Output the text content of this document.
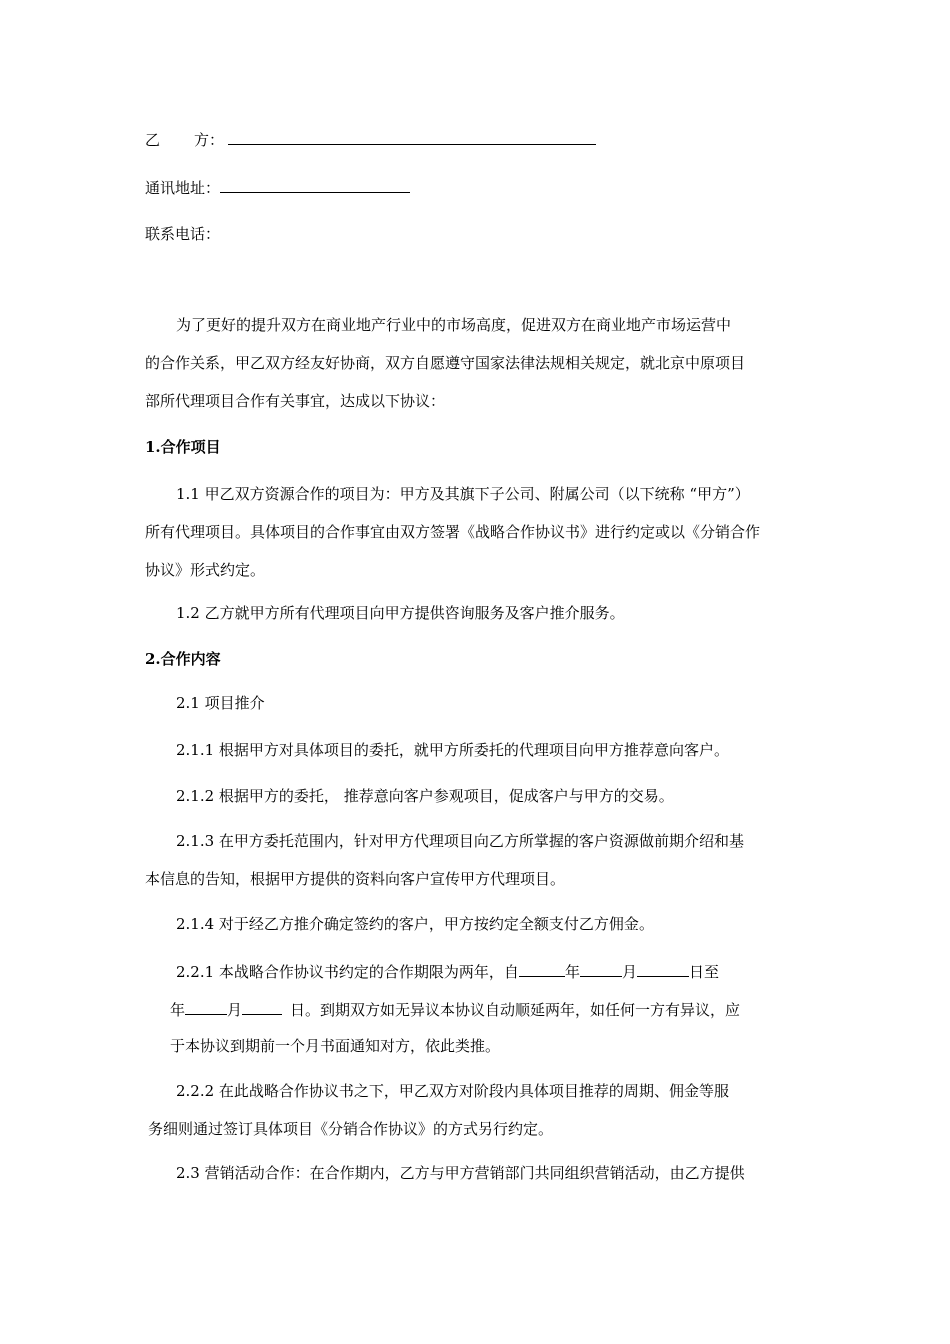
乙 方：
通讯地址：
联系电话：
为了更好的提升双方在商业地产行业中的市场高度，促进双方在商业地产市场运营中
的合作关系，甲乙双方经友好协商，双方自愿遵守国家法律法规相关规定，就北京中原项目
部所代理项目合作有关事宜，达成以下协议：
1.合作项目
1.1 甲乙双方资源合作的项目为：甲方及其旗下子公司、附属公司（以下统称 “甲方”）
所有代理项目。具体项目的合作事宜由双方签署《战略合作协议书》进行约定或以《分销合作
协议》形式约定。
1.2 乙方就甲方所有代理项目向甲方提供咨询服务及客户推介服务。
2.合作内容
2.1 项目推介
2.1.1 根据甲方对具体项目的委托，就甲方所委托的代理项目向甲方推荐意向客户。
2.1.2 根据甲方的委托， 推荐意向客户参观项目，促成客户与甲方的交易。
2.1.3 在甲方委托范围内，针对甲方代理项目向乙方所掌握的客户资源做前期介绍和基
本信息的告知，根据甲方提供的资料向客户宣传甲方代理项目。
2.1.4 对于经乙方推介确定签约的客户，甲方按约定全额支付乙方佣金。
2.2.1 本战略合作协议书约定的合作期限为两年，自	年	月	日至
年	月	日。到期双方如无异议本协议自动顺延两年，如任何一方有异议，应
于本协议到期前一个月书面通知对方，依此类推。
2.2.2 在此战略合作协议书之下，甲乙双方对阶段内具体项目推荐的周期、佣金等服
务细则通过签订具体项目《分销合作协议》的方式另行约定。
2.3 营销活动合作：在合作期内，乙方与甲方营销部门共同组织营销活动，由乙方提供
